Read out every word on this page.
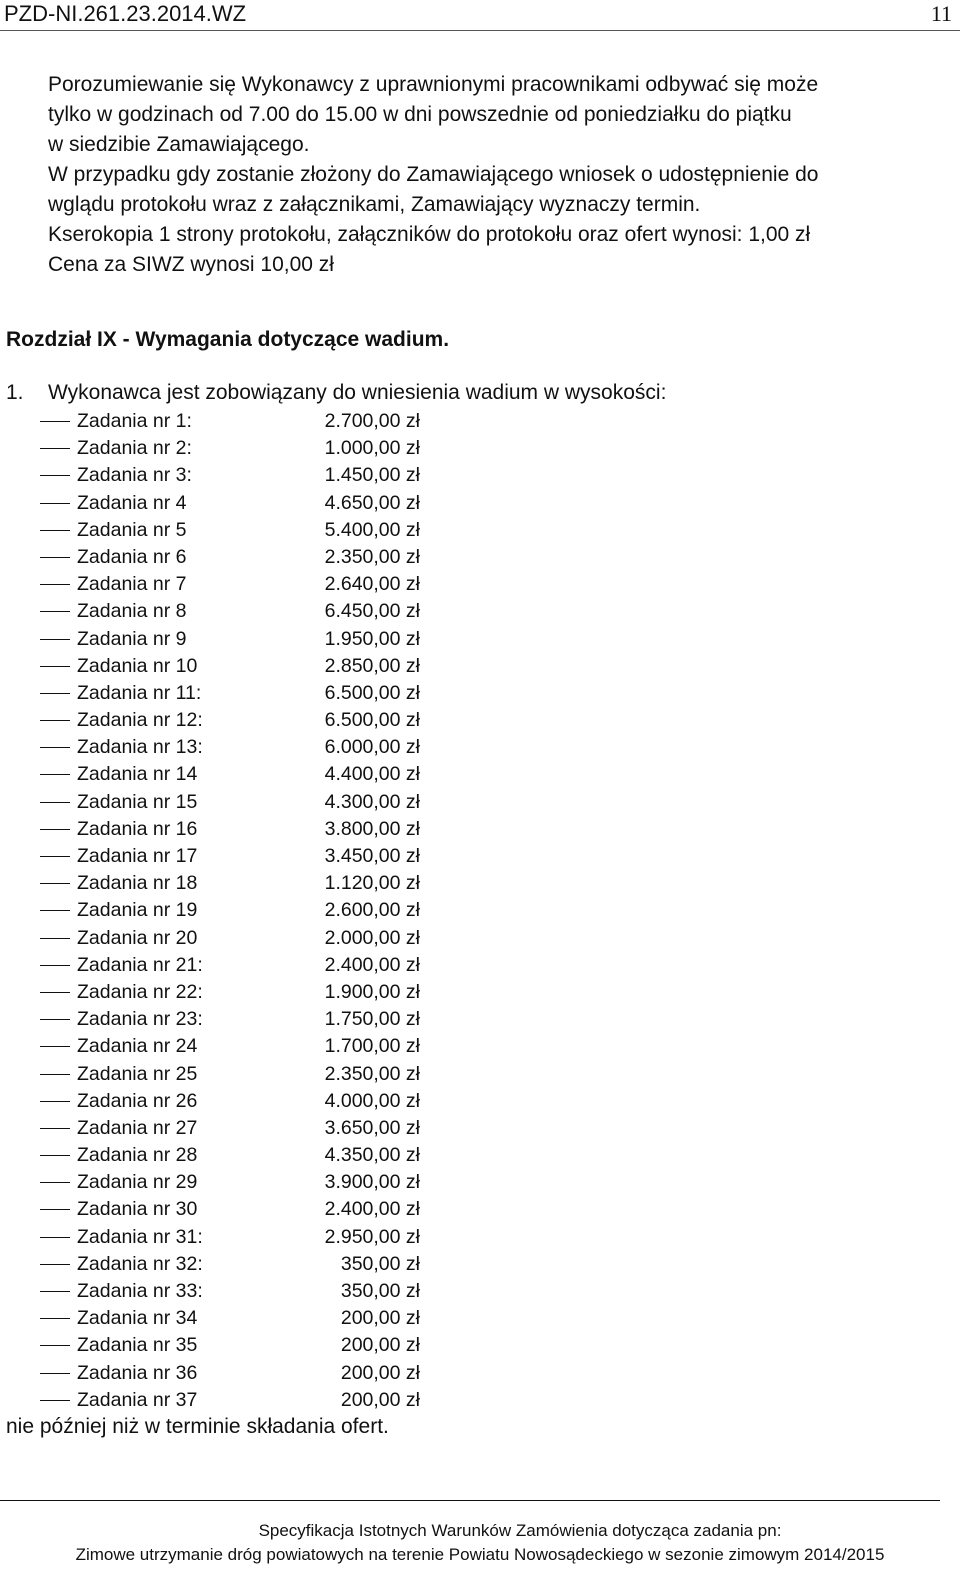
PZD-NI.261.23.2014.WZ	11
Porozumiewanie się Wykonawcy z uprawnionymi pracownikami odbywać się może
tylko w godzinach od 7.00 do 15.00 w dni powszednie od poniedziałku do piątku
w siedzibie Zamawiającego.
W przypadku gdy zostanie złożony do Zamawiającego wniosek o udostępnienie do
wglądu protokołu wraz z załącznikami, Zamawiający wyznaczy termin.
Kserokopia 1 strony protokołu, załączników do protokołu oraz ofert wynosi: 1,00 zł
Cena za SIWZ wynosi 10,00 zł
Rozdział IX - Wymagania dotyczące wadium.
1. Wykonawca jest zobowiązany do wniesienia wadium w wysokości:
Zadania nr 1:	2.700,00 zł
Zadania nr 2:	1.000,00 zł
Zadania nr 3:	1.450,00 zł
Zadania nr 4	4.650,00 zł
Zadania nr 5	5.400,00 zł
Zadania nr 6	2.350,00 zł
Zadania nr 7	2.640,00 zł
Zadania nr 8	6.450,00 zł
Zadania nr 9	1.950,00 zł
Zadania nr 10	2.850,00 zł
Zadania nr 11:	6.500,00 zł
Zadania nr 12:	6.500,00 zł
Zadania nr 13:	6.000,00 zł
Zadania nr 14	4.400,00 zł
Zadania nr 15	4.300,00 zł
Zadania nr 16	3.800,00 zł
Zadania nr 17	3.450,00 zł
Zadania nr 18	1.120,00 zł
Zadania nr 19	2.600,00 zł
Zadania nr 20	2.000,00 zł
Zadania nr 21:	2.400,00 zł
Zadania nr 22:	1.900,00 zł
Zadania nr 23:	1.750,00 zł
Zadania nr 24	1.700,00 zł
Zadania nr 25	2.350,00 zł
Zadania nr 26	4.000,00 zł
Zadania nr 27	3.650,00 zł
Zadania nr 28	4.350,00 zł
Zadania nr 29	3.900,00 zł
Zadania nr 30	2.400,00 zł
Zadania nr 31:	2.950,00 zł
Zadania nr 32:	350,00 zł
Zadania nr 33:	350,00 zł
Zadania nr 34	200,00 zł
Zadania nr 35	200,00 zł
Zadania nr 36	200,00 zł
Zadania nr 37	200,00 zł
nie później niż w terminie składania ofert.
Specyfikacja Istotnych Warunków Zamówienia dotycząca zadania pn:
Zimowe utrzymanie dróg powiatowych na terenie Powiatu Nowosądeckiego w sezonie zimowym 2014/2015
